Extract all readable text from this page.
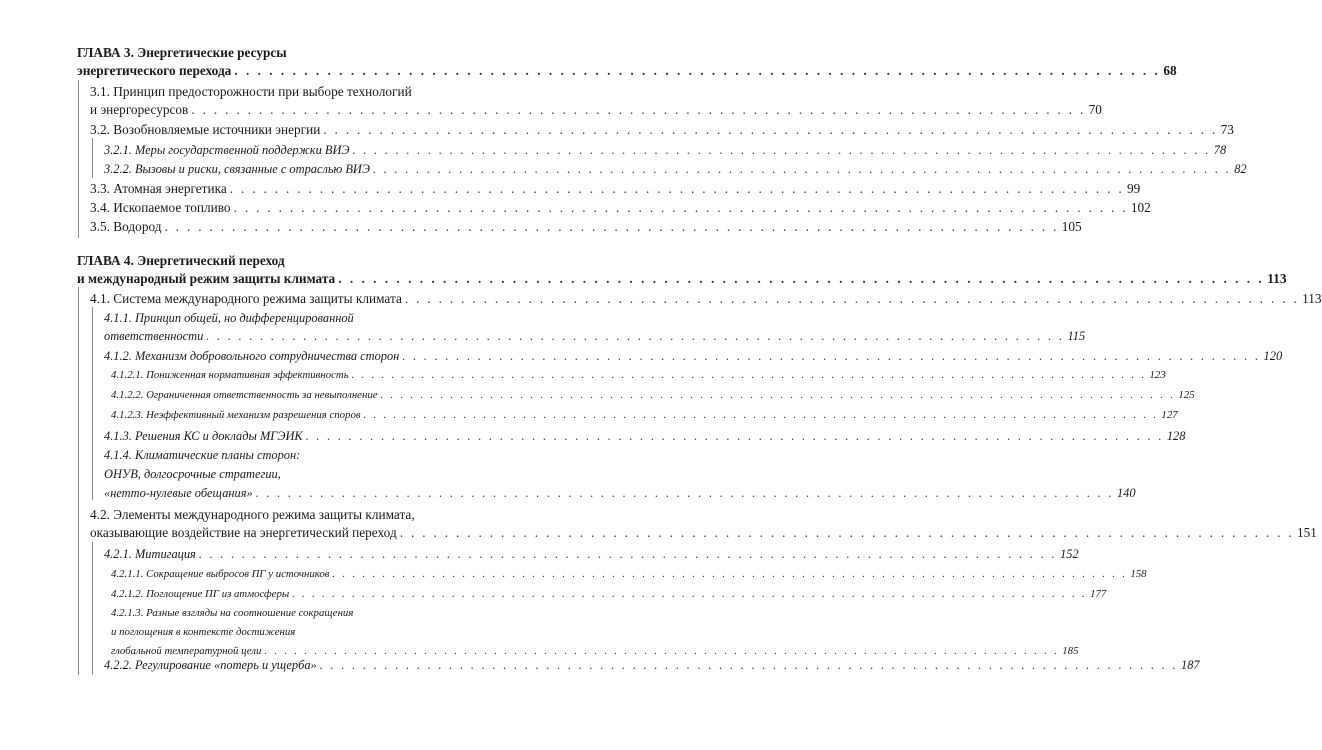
ГЛАВА 3. Энергетические ресурсы
энергетического перехода . . . . . . . . . . . . . . . . . . . . . . . . . . . . . . . . . . . . . . . . . . . . . . . . . . . . . . . . . . . . . . . . . . . . . . . . . . . . . . . . 68
3.1. Принцип предосторожности при выборе технологий
и энергоресурсов . . . . . . . . . . . . . . . . . . . . . . . . . . . . . . . . . . . . . . . . . . . . . . . . . . . . . . . . . . . . . . . . . . . . . . . . . . . . . . . . 70
3.2. Возобновляемые источники энергии . . . . . . . . . . . . . . . . . . . . . . . . . . . . . . . . . . . . . . . . . . . . . . . . . . . . . . . . . . . . . . . . . . . . . . . . . . . . . . . . 73
3.2.1. Меры государственной поддержки ВИЭ . . . . . . . . . . . . . . . . . . . . . . . . . . . . . . . . . . . . . . . . . . . . . . . . . . . . . . . . . . . . . . . . . . . . . . . . . . . . . . . . 78
3.2.2. Вызовы и риски, связанные с отраслью ВИЭ . . . . . . . . . . . . . . . . . . . . . . . . . . . . . . . . . . . . . . . . . . . . . . . . . . . . . . . . . . . . . . . . . . . . . . . . . . . . . . . . 82
3.3. Атомная энергетика . . . . . . . . . . . . . . . . . . . . . . . . . . . . . . . . . . . . . . . . . . . . . . . . . . . . . . . . . . . . . . . . . . . . . . . . . . . . . . . . 99
3.4. Ископаемое топливо . . . . . . . . . . . . . . . . . . . . . . . . . . . . . . . . . . . . . . . . . . . . . . . . . . . . . . . . . . . . . . . . . . . . . . . . . . . . . . . . 102
3.5. Водород . . . . . . . . . . . . . . . . . . . . . . . . . . . . . . . . . . . . . . . . . . . . . . . . . . . . . . . . . . . . . . . . . . . . . . . . . . . . . . . . 105
ГЛАВА 4. Энергетический переход
и международный режим защиты климата . . . . . . . . . . . . . . . . . . . . . . . . . . . . . . . . . . . . . . . . . . . . . . . . . . . . . . . . . . . . . . . . . . . . . . . . . . . . . . . . 113
4.1. Система международного режима защиты климата . . . . . . . . . . . . . . . . . . . . . . . . . . . . . . . . . . . . . . . . . . . . . . . . . . . . . . . . . . . . . . . . . . . . . . . . . . . . . . . . 113
4.1.1. Принцип общей, но дифференцированной
ответственности . . . . . . . . . . . . . . . . . . . . . . . . . . . . . . . . . . . . . . . . . . . . . . . . . . . . . . . . . . . . . . . . . . . . . . . . . . . . . . . . 115
4.1.2. Механизм добровольного сотрудничества сторон . . . . . . . . . . . . . . . . . . . . . . . . . . . . . . . . . . . . . . . . . . . . . . . . . . . . . . . . . . . . . . . . . . . . . . . . . . . . . . . . 120
4.1.2.1. Пониженная нормативная эффективность . . . . . . . . . . . . . . . . . . . . . . . . . . . . . . . . . . . . . . . . . . . . . . . . . . . . . . . . . . . . . . . . . . . . . . . . . . . . . . . . 123
4.1.2.2. Ограниченная ответственность за невыполнение . . . . . . . . . . . . . . . . . . . . . . . . . . . . . . . . . . . . . . . . . . . . . . . . . . . . . . . . . . . . . . . . . . . . . . . . . . . . . . . . 125
4.1.2.3. Неэффективный механизм разрешения споров . . . . . . . . . . . . . . . . . . . . . . . . . . . . . . . . . . . . . . . . . . . . . . . . . . . . . . . . . . . . . . . . . . . . . . . . . . . . . . . . 127
4.1.3. Решения КС и доклады МГЭИК . . . . . . . . . . . . . . . . . . . . . . . . . . . . . . . . . . . . . . . . . . . . . . . . . . . . . . . . . . . . . . . . . . . . . . . . . . . . . . . . 128
4.1.4. Климатические планы сторон:
ОНУВ, долгосрочные стратегии,
«нетто-нулевые обещания» . . . . . . . . . . . . . . . . . . . . . . . . . . . . . . . . . . . . . . . . . . . . . . . . . . . . . . . . . . . . . . . . . . . . . . . . . . . . . . . . 140
4.2. Элементы международного режима защиты климата,
оказывающие воздействие на энергетический переход . . . . . . . . . . . . . . . . . . . . . . . . . . . . . . . . . . . . . . . . . . . . . . . . . . . . . . . . . . . . . . . . . . . . . . . . . . . . . . . . 151
4.2.1. Митигация . . . . . . . . . . . . . . . . . . . . . . . . . . . . . . . . . . . . . . . . . . . . . . . . . . . . . . . . . . . . . . . . . . . . . . . . . . . . . . . . 152
4.2.1.1. Сокращение выбросов ПГ у источников . . . . . . . . . . . . . . . . . . . . . . . . . . . . . . . . . . . . . . . . . . . . . . . . . . . . . . . . . . . . . . . . . . . . . . . . . . . . . . . . 158
4.2.1.2. Поглощение ПГ из атмосферы . . . . . . . . . . . . . . . . . . . . . . . . . . . . . . . . . . . . . . . . . . . . . . . . . . . . . . . . . . . . . . . . . . . . . . . . . . . . . . . . 177
4.2.1.3. Разные взгляды на соотношение сокращения
и поглощения в контексте достижения
глобальной температурной цели . . . . . . . . . . . . . . . . . . . . . . . . . . . . . . . . . . . . . . . . . . . . . . . . . . . . . . . . . . . . . . . . . . . . . . . . . . . . . . . . 185
4.2.2. Регулирование «потерь и ущерба» . . . . . . . . . . . . . . . . . . . . . . . . . . . . . . . . . . . . . . . . . . . . . . . . . . . . . . . . . . . . . . . . . . . . . . . . . . . . . . . . 187
